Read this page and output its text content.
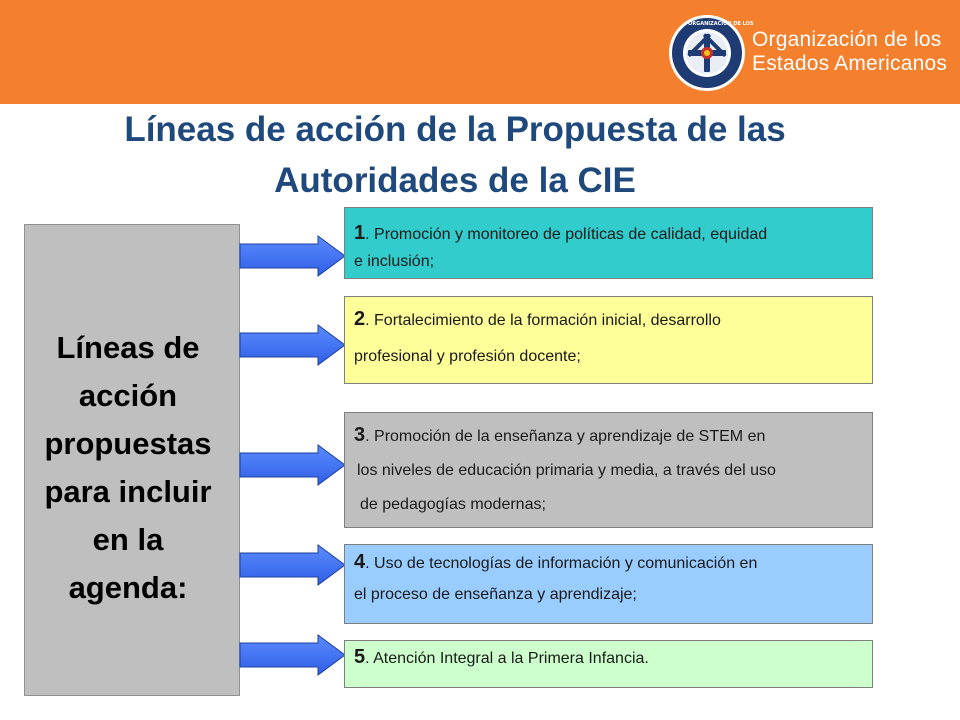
ORGANIZACION DE LOS
Organización de los
Estados Americanos
Líneas de acción de la Propuesta de las
Autoridades de la CIE
Líneas de
acción
propuestas
para incluir
en la
agenda:
1. Promoción y monitoreo de políticas de calidad, equidad
e inclusión;
2. Fortalecimiento de la formación inicial, desarrollo
profesional y profesión docente;
3. Promoción de la enseñanza y aprendizaje de STEM en
los niveles de educación primaria y media, a través del uso
de pedagogías modernas;
4. Uso de tecnologías de información y comunicación en
el proceso de enseñanza y aprendizaje;
5. Atención Integral a la Primera Infancia.
